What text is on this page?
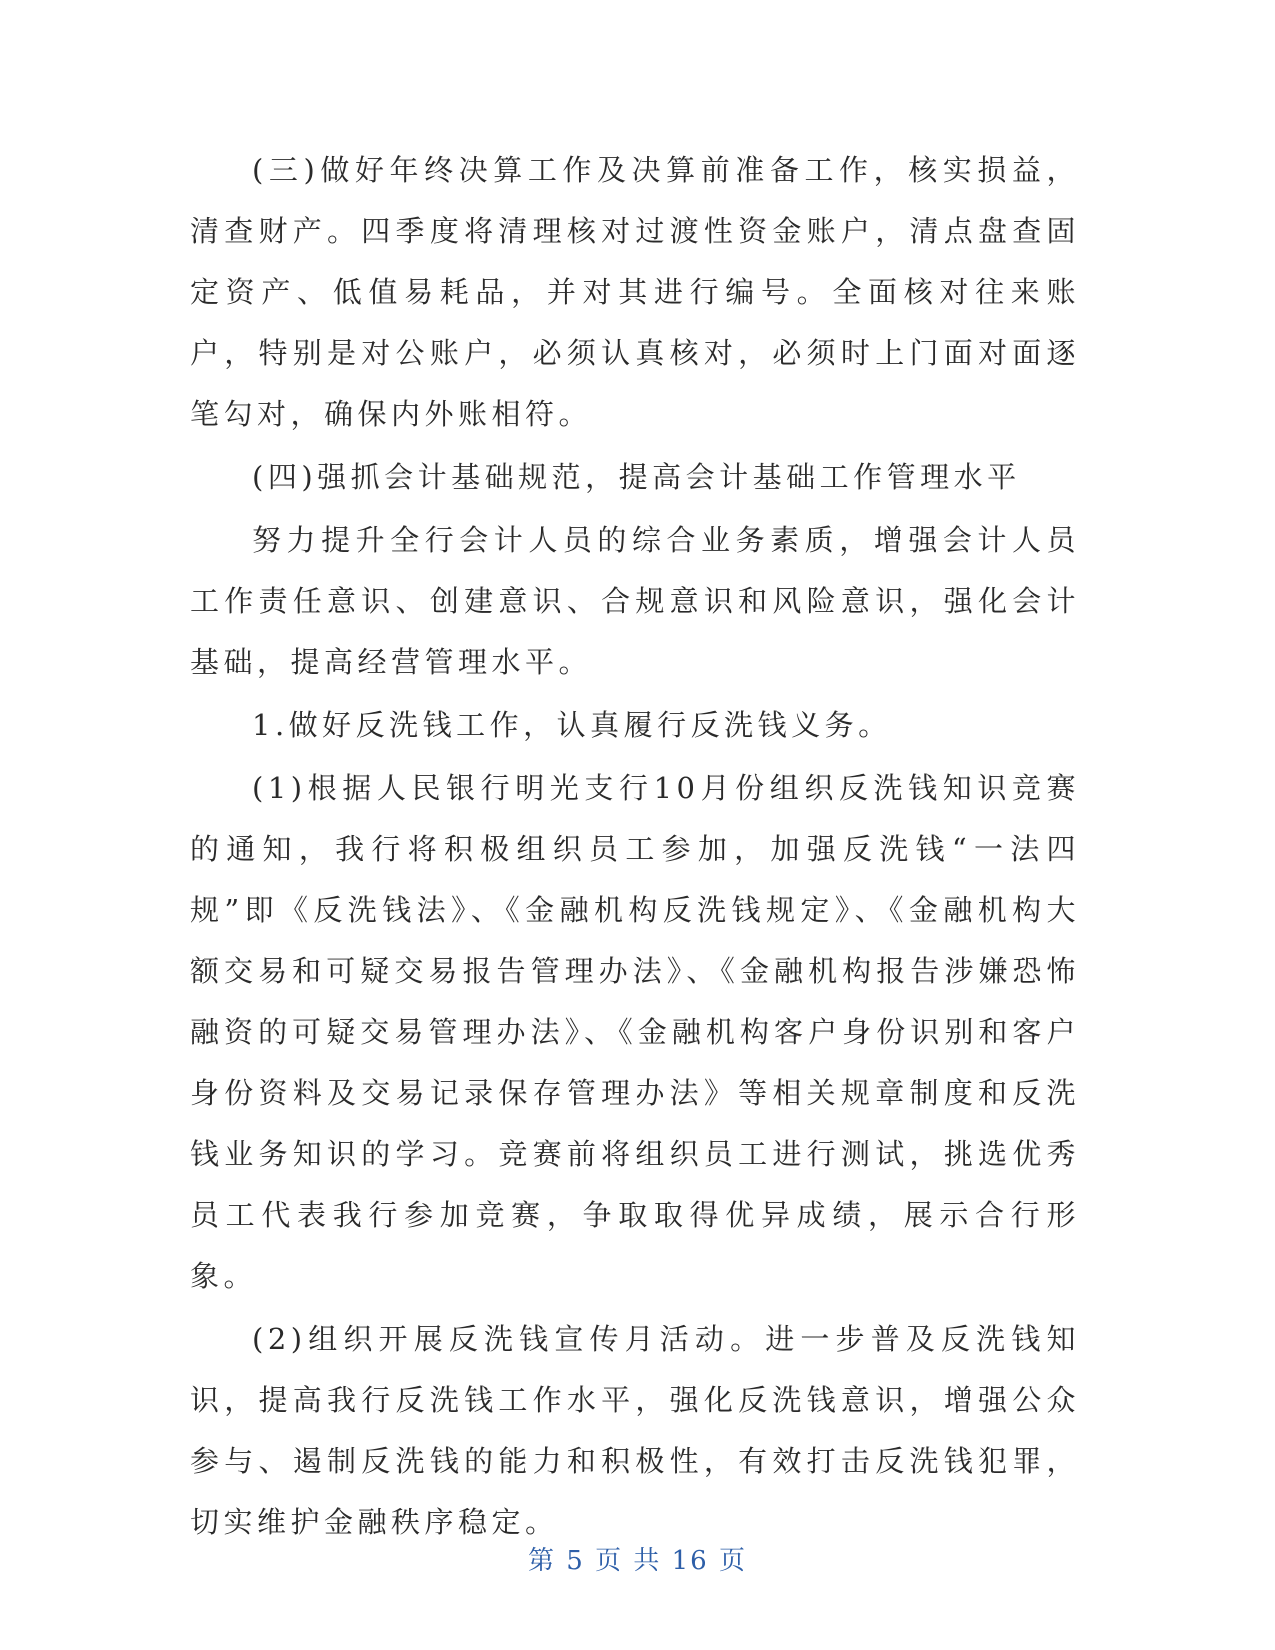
(三)做好年终决算工作及决算前准备工作，核实损益，清查财产。四季度将清理核对过渡性资金账户，清点盘查固定资产、低值易耗品，并对其进行编号。全面核对往来账户，特别是对公账户，必须认真核对，必须时上门面对面逐笔勾对，确保内外账相符。

(四)强抓会计基础规范，提高会计基础工作管理水平

努力提升全行会计人员的综合业务素质，增强会计人员工作责任意识、创建意识、合规意识和风险意识，强化会计基础，提高经营管理水平。

1.做好反洗钱工作，认真履行反洗钱义务。

(1)根据人民银行明光支行10月份组织反洗钱知识竞赛的通知，我行将积极组织员工参加，加强反洗钱“一法四规”即《反洗钱法》、《金融机构反洗钱规定》、《金融机构大额交易和可疑交易报告管理办法》、《金融机构报告涉嫌恐怖融资的可疑交易管理办法》、《金融机构客户身份识别和客户身份资料及交易记录保存管理办法》等相关规章制度和反洗钱业务知识的学习。竞赛前将组织员工进行测试，挑选优秀员工代表我行参加竞赛，争取取得优异成绩，展示合行形象。

(2)组织开展反洗钱宣传月活动。进一步普及反洗钱知识，提高我行反洗钱工作水平，强化反洗钱意识，增强公众参与、遏制反洗钱的能力和积极性，有效打击反洗钱犯罪，切实维护金融秩序稳定。

第 5 页 共 16 页
